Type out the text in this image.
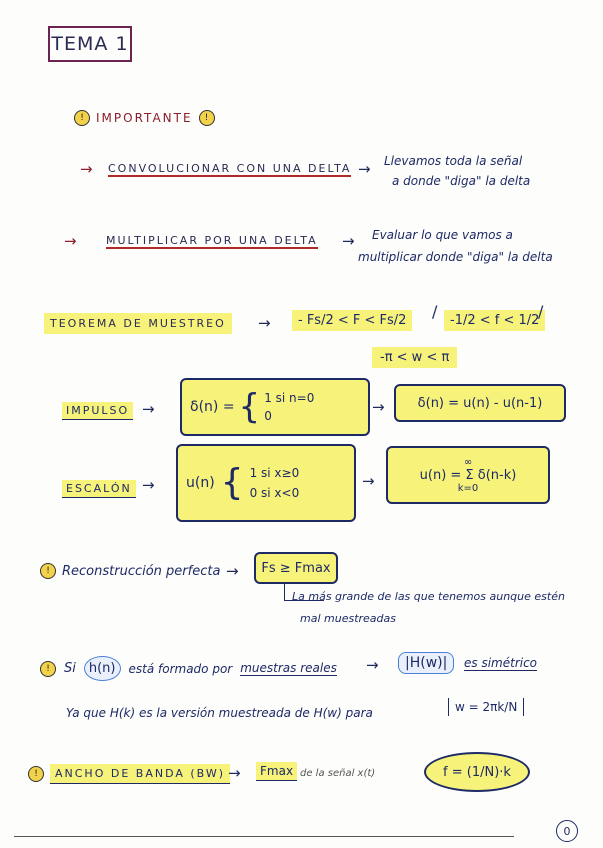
TEMA 1
!	IMPORTANTE	!
→ CONVOLUCIONAR CON UNA DELTA → Llevamos toda la señal
a donde "diga" la delta
→	MULTIPLICAR POR UNA DELTA → Evaluar lo que vamos a
multiplicar donde "diga" la delta
TEOREMA DE MUESTREO	→	- Fs/2 < F < Fs/2	/ -1/2 < f < 1/2
/
-π < w < π
IMPULSO →	δ(n) = { 1 si n=0
0	→	δ(n) = u(n) - u(n-1)
ESCALÓN → u(n) { 1 si x≥0
0 si x<0
→
∞
u(n) = Σ δ(n-k)
k=0
! Reconstrucción perfecta → Fs ≥ Fmax
La más grande de las que tenemos aunque estén
mal muestreadas
!	Si	h(n)	está formado por muestras reales →	|H(w)|	es simétrico
Ya que H(k) es la versión muestreada de H(w) para	w = 2πk/N
!	ANCHO DE BANDA (BW) →	Fmax de la señal x(t)	f = (1/N)·k
0
